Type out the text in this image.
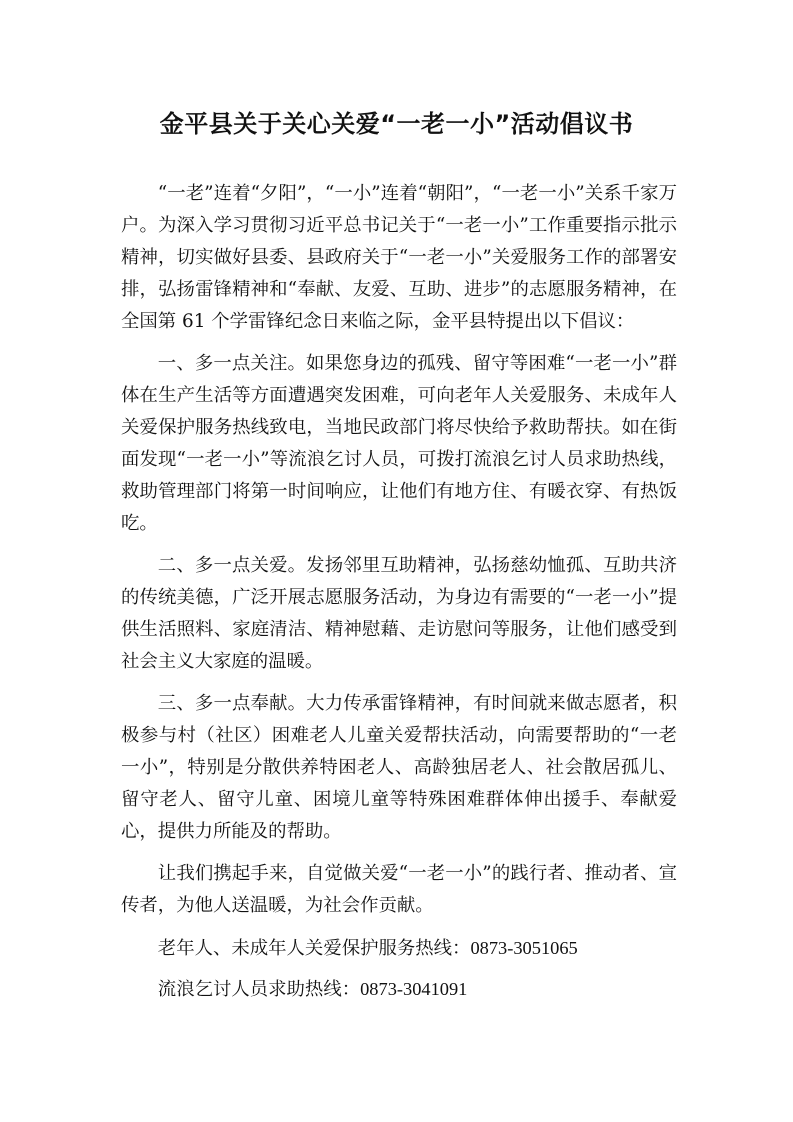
金平县关于关心关爱“一老一小”活动倡议书

“一老”连着“夕阳”，“一小”连着“朝阳”，“一老一小”关系千家万户。为深入学习贯彻习近平总书记关于“一老一小”工作重要指示批示精神，切实做好县委、县政府关于“一老一小”关爱服务工作的部署安排，弘扬雷锋精神和“奉献、友爱、互助、进步”的志愿服务精神，在全国第 61 个学雷锋纪念日来临之际，金平县特提出以下倡议：

一、多一点关注。如果您身边的孤残、留守等困难“一老一小”群体在生产生活等方面遭遇突发困难，可向老年人关爱服务、未成年人关爱保护服务热线致电，当地民政部门将尽快给予救助帮扶。如在街面发现“一老一小”等流浪乞讨人员，可拨打流浪乞讨人员求助热线，救助管理部门将第一时间响应，让他们有地方住、有暖衣穿、有热饭吃。

二、多一点关爱。发扬邻里互助精神，弘扬慈幼恤孤、互助共济的传统美德，广泛开展志愿服务活动，为身边有需要的“一老一小”提供生活照料、家庭清洁、精神慰藉、走访慰问等服务，让他们感受到社会主义大家庭的温暖。

三、多一点奉献。大力传承雷锋精神，有时间就来做志愿者，积极参与村（社区）困难老人儿童关爱帮扶活动，向需要帮助的“一老一小”，特别是分散供养特困老人、高龄独居老人、社会散居孤儿、留守老人、留守儿童、困境儿童等特殊困难群体伸出援手、奉献爱心，提供力所能及的帮助。

让我们携起手来，自觉做关爱“一老一小”的践行者、推动者、宣传者，为他人送温暖，为社会作贡献。

老年人、未成年人关爱保护服务热线：0873-3051065

流浪乞讨人员求助热线：0873-3041091
